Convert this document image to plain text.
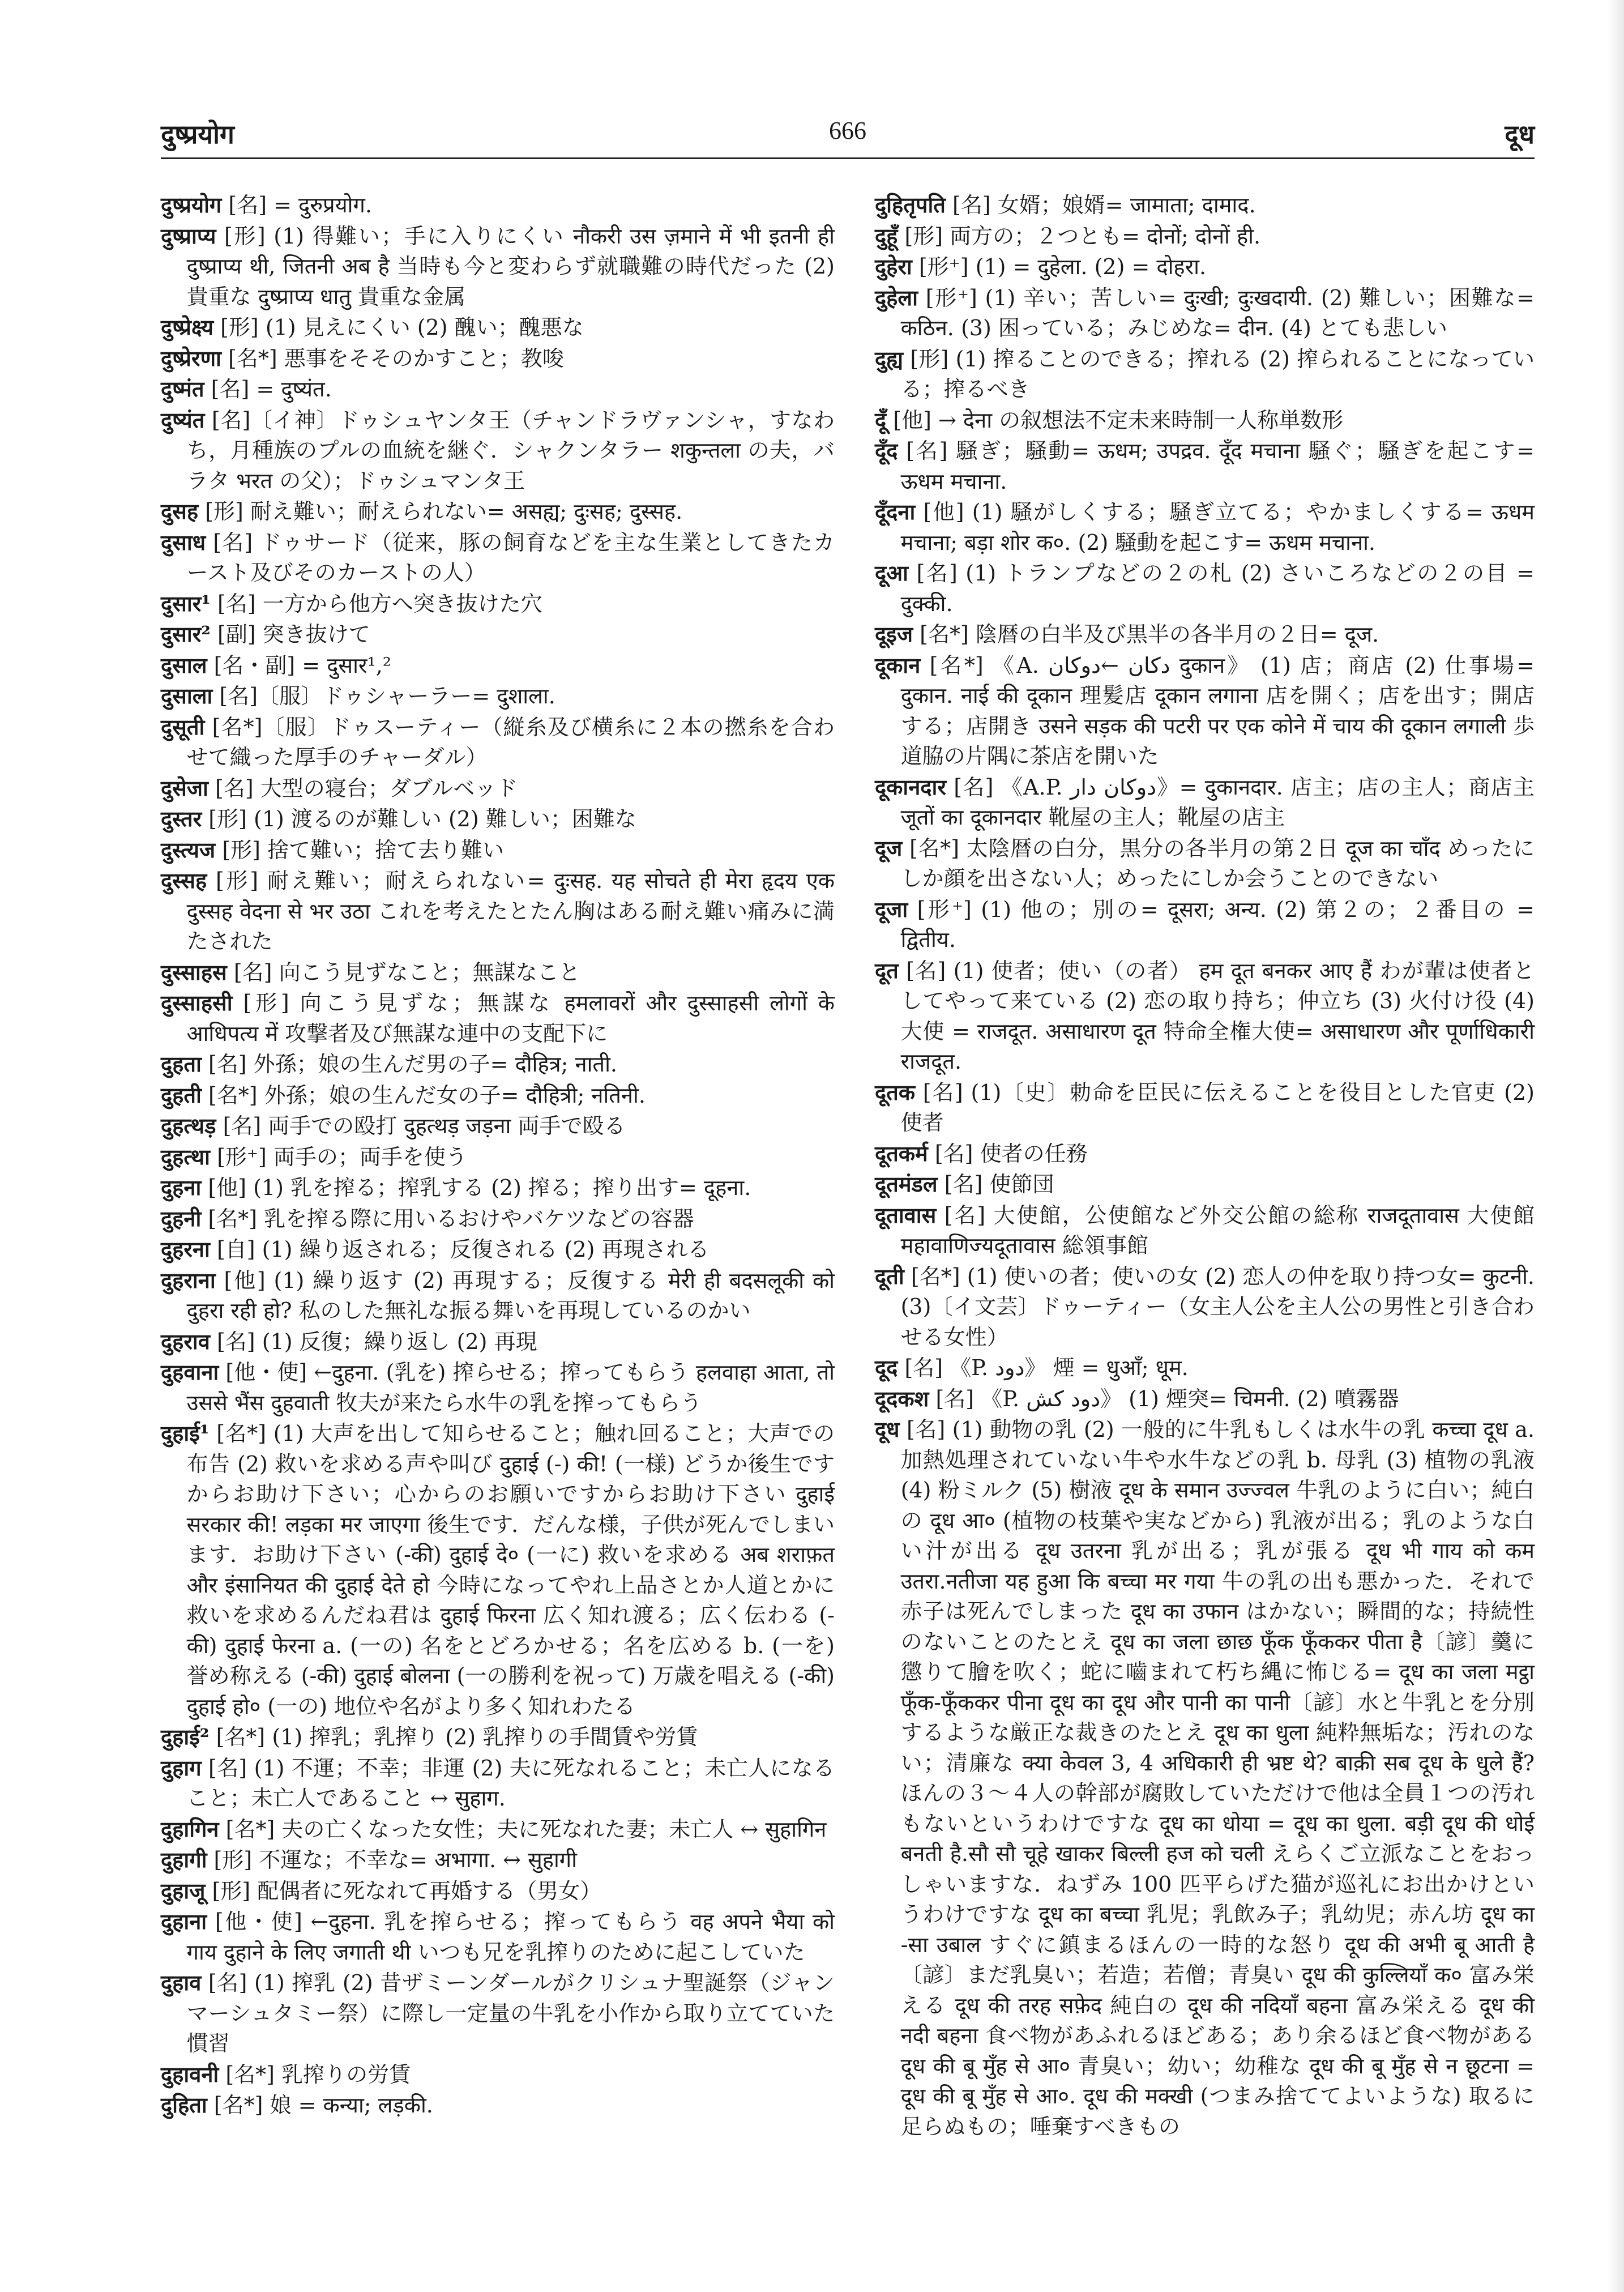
दुष्प्रयोग	666	दूध

दुष्प्रयोग [名] = दुरुप्रयोग.

दुष्प्राप्य [形] (1) 得難い；手に入りにくい नौकरी उस ज़माने में भी इतनी ही दुष्प्राप्य थी, जितनी अब है 当時も今と変わらず就職難の時代だった (2) 貴重な दुष्प्राप्य धातु 貴重な金属

दुष्प्रेक्ष्य [形] (1) 見えにくい (2) 醜い；醜悪な

दुष्प्रेरणा [名*] 悪事をそそのかすこと；教唆

दुष्मंत [名] = दुष्यंत.

दुष्यंत [名]〔イ神〕ドゥシュヤンタ王（チャンドラヴァンシャ，すなわち，月種族のプルの血統を継ぐ．シャクンタラー शकुन्तला の夫，バラタ भरत の父）；ドゥシュマンタ王

दुसह [形] 耐え難い；耐えられない= असह्य; दुःसह; दुस्सह.

दुसाध [名] ドゥサード（従来，豚の飼育などを主な生業としてきたカースト及びそのカーストの人）

दुसार¹ [名] 一方から他方へ突き抜けた穴

दुसार² [副] 突き抜けて

दुसाल [名・副] = दुसार¹,²

दुसाला [名]〔服〕ドゥシャーラー= दुशाला.

दुसूती [名*]〔服〕ドゥスーティー（縦糸及び横糸に２本の撚糸を合わせて織った厚手のチャーダル）

दुसेजा [名] 大型の寝台；ダブルベッド

दुस्तर [形] (1) 渡るのが難しい (2) 難しい；困難な

दुस्त्यज [形] 捨て難い；捨て去り難い

दुस्सह [形] 耐え難い；耐えられない= दुःसह. यह सोचते ही मेरा हृदय एक दुस्सह वेदना से भर उठा これを考えたとたん胸はある耐え難い痛みに満たされた

दुस्साहस [名] 向こう見ずなこと；無謀なこと

दुस्साहसी [形] 向こう見ずな；無謀な हमलावरों और दुस्साहसी लोगों के आधिपत्य में 攻撃者及び無謀な連中の支配下に

दुहता [名] 外孫；娘の生んだ男の子= दौहित्र; नाती.

दुहती [名*] 外孫；娘の生んだ女の子= दौहित्री; नतिनी.

दुहत्थड़ [名] 両手での殴打 दुहत्थड़ जड़ना 両手で殴る

दुहत्था [形⁺] 両手の；両手を使う

दुहना [他] (1) 乳を搾る；搾乳する (2) 搾る；搾り出す= दूहना.

दुहनी [名*] 乳を搾る際に用いるおけやバケツなどの容器

दुहरना [自] (1) 繰り返される；反復される (2) 再現される

दुहराना [他] (1) 繰り返す (2) 再現する；反復する मेरी ही बदसलूकी को दुहरा रही हो? 私のした無礼な振る舞いを再現しているのかい

दुहराव [名] (1) 反復；繰り返し (2) 再現

दुहवाना [他・使] ←दुहना. (乳を) 搾らせる；搾ってもらう हलवाहा आता, तो उससे भैंस दुहवाती 牧夫が来たら水牛の乳を搾ってもらう

दुहाई¹ [名*] (1) 大声を出して知らせること；触れ回ること；大声での布告 (2) 救いを求める声や叫び दुहाई (-) की! (一様) どうか後生ですからお助け下さい；心からのお願いですからお助け下さい दुहाई सरकार की! लड़का मर जाएगा 後生です．だんな様，子供が死んでしまいます．お助け下さい (-की) दुहाई दे० (一に) 救いを求める अब शराफ़त और इंसानियत की दुहाई देते हो 今時になってやれ上品さとか人道とかに救いを求めるんだね君は दुहाई फिरना 広く知れ渡る；広く伝わる (-की) दुहाई फेरना a. (一の) 名をとどろかせる；名を広める b. (一を) 誉め称える (-की) दुहाई बोलना (一の勝利を祝って) 万歳を唱える (-की) दुहाई हो० (一の) 地位や名がより多く知れわたる

दुहाई² [名*] (1) 搾乳；乳搾り (2) 乳搾りの手間賃や労賃

दुहाग [名] (1) 不運；不幸；非運 (2) 夫に死なれること；未亡人になること；未亡人であること ↔ सुहाग.

दुहागिन [名*] 夫の亡くなった女性；夫に死なれた妻；未亡人 ↔ सुहागिन

दुहागी [形] 不運な；不幸な= अभागा. ↔ सुहागी

दुहाजू [形] 配偶者に死なれて再婚する（男女）

दुहाना [他・使] ←दुहना. 乳を搾らせる；搾ってもらう वह अपने भैया को गाय दुहाने के लिए जगाती थी いつも兄を乳搾りのために起こしていた

दुहाव [名] (1) 搾乳 (2) 昔ザミーンダールがクリシュナ聖誕祭（ジャンマーシュタミー祭）に際し一定量の牛乳を小作から取り立てていた慣習

दुहावनी [名*] 乳搾りの労賃

दुहिता [名*] 娘 = कन्या; लड़की.

दुहितृपति [名] 女婿；娘婿= जामाता; दामाद.

दुहूँ [形] 両方の；２つとも= दोनों; दोनों ही.

दुहेरा [形⁺] (1) = दुहेला. (2) = दोहरा.

दुहेला [形⁺] (1) 辛い；苦しい= दुःखी; दुःखदायी. (2) 難しい；困難な= कठिन. (3) 困っている；みじめな= दीन. (4) とても悲しい

दुह्य [形] (1) 搾ることのできる；搾れる (2) 搾られることになっている；搾るべき

दूँ [他] → देना の叙想法不定未来時制一人称単数形

दूँद [名] 騒ぎ；騒動= ऊधम; उपद्रव. दूँद मचाना 騒ぐ；騒ぎを起こす= ऊधम मचाना.

दूँदना [他] (1) 騒がしくする；騒ぎ立てる；やかましくする= ऊधम मचाना; बड़ा शोर क०. (2) 騒動を起こす= ऊधम मचाना.

दूआ [名] (1) トランプなどの２の札 (2) さいころなどの２の目 = दुक्की.

दूइज [名*] 陰暦の白半及び黒半の各半月の２日= दूज.

दूकान [名*] 《A. دكان ←دوكان दुकान》 (1) 店；商店 (2) 仕事場= दुकान. नाई की दूकान 理髪店 दूकान लगाना 店を開く；店を出す；開店する；店開き उसने सड़क की पटरी पर एक कोने में चाय की दूकान लगाली 歩道脇の片隅に茶店を開いた

दूकानदार [名] 《A.P. دوکان دار》= दुकानदार. 店主；店の主人；商店主 जूतों का दूकानदार 靴屋の主人；靴屋の店主

दूज [名*] 太陰暦の白分，黒分の各半月の第２日 दूज का चाँद めったにしか顔を出さない人；めったにしか会うことのできない

दूजा [形⁺] (1) 他の；別の= दूसरा; अन्य. (2) 第２の；２番目の = द्वितीय.

दूत [名] (1) 使者；使い（の者） हम दूत बनकर आए हैं わが輩は使者としてやって来ている (2) 恋の取り持ち；仲立ち (3) 火付け役 (4) 大使 = राजदूत. असाधारण दूत 特命全権大使= असाधारण और पूर्णाधिकारी राजदूत.

दूतक [名] (1)〔史〕勅命を臣民に伝えることを役目とした官吏 (2) 使者

दूतकर्म [名] 使者の任務

दूतमंडल [名] 使節団

दूतावास [名] 大使館，公使館など外交公館の総称 राजदूतावास 大使館 महावाणिज्यदूतावास 総領事館

दूती [名*] (1) 使いの者；使いの女 (2) 恋人の仲を取り持つ女= कुटनी. (3)〔イ文芸〕ドゥーティー（女主人公を主人公の男性と引き合わせる女性）

दूद [名] 《P. دود》 煙 = धुआँ; धूम.

दूदकश [名] 《P. دود کش》 (1) 煙突= चिमनी. (2) 噴霧器

दूध [名] (1) 動物の乳 (2) 一般的に牛乳もしくは水牛の乳 कच्चा दूध a. 加熱処理されていない牛や水牛などの乳 b. 母乳 (3) 植物の乳液 (4) 粉ミルク (5) 樹液 दूध के समान उज्ज्वल 牛乳のように白い；純白の दूध आ० (植物の枝葉や実などから) 乳液が出る；乳のような白い汁が出る दूध उतरना 乳が出る；乳が張る दूध भी गाय को कम उतरा.नतीजा यह हुआ कि बच्चा मर गया 牛の乳の出も悪かった．それで赤子は死んでしまった दूध का उफान はかない；瞬間的な；持続性のないことのたとえ दूध का जला छाछ फूँक फूँककर पीता है〔諺〕羹に懲りて膾を吹く；蛇に嚙まれて朽ち縄に怖じる= दूध का जला मट्ठा फूँक-फूँककर पीना दूध का दूध और पानी का पानी〔諺〕水と牛乳とを分別するような厳正な裁きのたとえ दूध का धुला 純粋無垢な；汚れのない；清廉な क्या केवल 3, 4 अधिकारी ही भ्रष्ट थे? बाक़ी सब दूध के धुले हैं? ほんの３〜４人の幹部が腐敗していただけで他は全員１つの汚れもないというわけですな दूध का धोया = दूध का धुला. बड़ी दूध की धोई बनती है.सौ सौ चूहे खाकर बिल्ली हज को चली えらくご立派なことをおっしゃいますな．ねずみ 100 匹平らげた猫が巡礼にお出かけというわけですな दूध का बच्चा 乳児；乳飲み子；乳幼児；赤ん坊 दूध का -सा उबाल すぐに鎮まるほんの一時的な怒り दूध की अभी बू आती है〔諺〕まだ乳臭い；若造；若僧；青臭い दूध की कुल्लियाँ क० 富み栄える दूध की तरह सफ़ेद 純白の दूध की नदियाँ बहना 富み栄える दूध की नदी बहना 食べ物があふれるほどある；あり余るほど食べ物がある दूध की बू मुँह से आ० 青臭い；幼い；幼稚な दूध की बू मुँह से न छूटना = दूध की बू मुँह से आ०. दूध की मक्खी (つまみ捨ててよいような) 取るに足らぬもの；唾棄すべきもの
